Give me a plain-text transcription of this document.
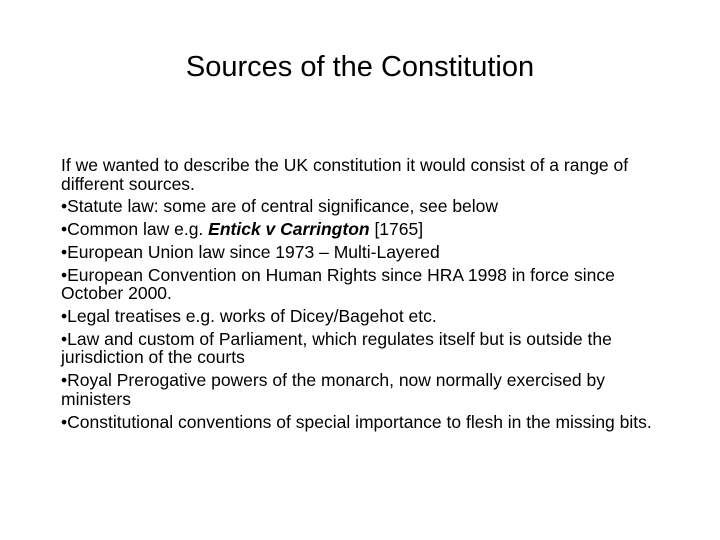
Sources of the Constitution

If we wanted to describe the UK constitution it would consist of a range of different sources.

•Statute law: some are of central significance, see below

•Common law e.g. Entick v Carrington [1765]

•European Union law since 1973 – Multi-Layered

•European Convention on Human Rights since HRA 1998 in force since October 2000.

•Legal treatises e.g. works of Dicey/Bagehot etc.

•Law and custom of Parliament, which regulates itself but is outside the jurisdiction of the courts

•Royal Prerogative powers of the monarch, now normally exercised by ministers

•Constitutional conventions of special importance to flesh in the missing bits.
